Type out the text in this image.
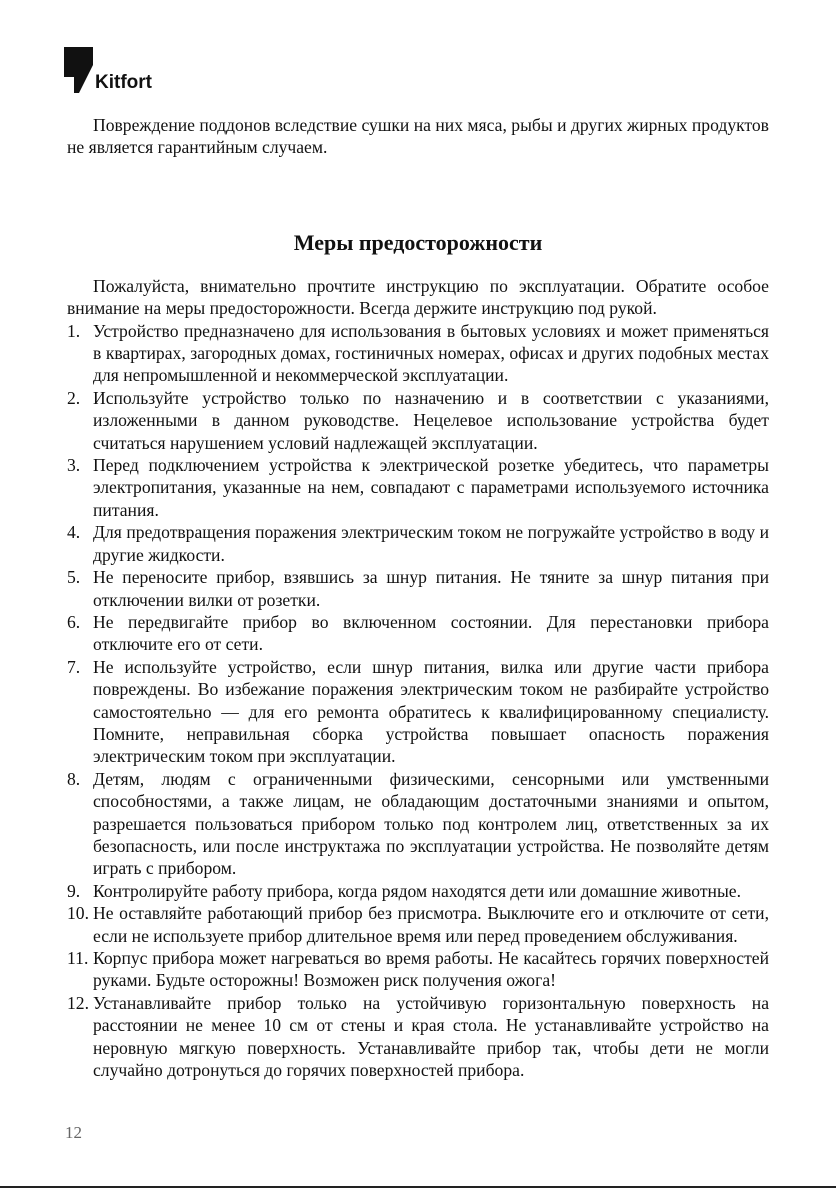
Kitfort

Повреждение поддонов вследствие сушки на них мяса, рыбы и других жирных продуктов не является гарантийным случаем.

Меры предосторожности

Пожалуйста, внимательно прочтите инструкцию по эксплуатации. Обратите особое внимание на меры предосторожности. Всегда держите инструкцию под рукой.

1. Устройство предназначено для использования в бытовых условиях и может применяться в квартирах, загородных домах, гостиничных номерах, офисах и других подобных местах для непромышленной и некоммерческой эксплуатации.
2. Используйте устройство только по назначению и в соответствии с указаниями, изложенными в данном руководстве. Нецелевое использование устройства будет считаться нарушением условий надлежащей эксплуатации.
3. Перед подключением устройства к электрической розетке убедитесь, что параметры электропитания, указанные на нем, совпадают с параметрами используемого источника питания.
4. Для предотвращения поражения электрическим током не погружайте устройство в воду и другие жидкости.
5. Не переносите прибор, взявшись за шнур питания. Не тяните за шнур питания при отключении вилки от розетки.
6. Не передвигайте прибор во включенном состоянии. Для перестановки прибора отключите его от сети.
7. Не используйте устройство, если шнур питания, вилка или другие части прибора повреждены. Во избежание поражения электрическим током не разбирайте устройство самостоятельно — для его ремонта обратитесь к квалифицированному специалисту. Помните, неправильная сборка устройства повышает опасность поражения электрическим током при эксплуатации.
8. Детям, людям с ограниченными физическими, сенсорными или умственными способностями, а также лицам, не обладающим достаточными знаниями и опытом, разрешается пользоваться прибором только под контролем лиц, ответственных за их безопасность, или после инструктажа по эксплуатации устройства. Не позволяйте детям играть с прибором.
9. Контролируйте работу прибора, когда рядом находятся дети или домашние животные.
10. Не оставляйте работающий прибор без присмотра. Выключите его и отключите от сети, если не используете прибор длительное время или перед проведением обслуживания.
11. Корпус прибора может нагреваться во время работы. Не касайтесь горячих поверхностей руками. Будьте осторожны! Возможен риск получения ожога!
12. Устанавливайте прибор только на устойчивую горизонтальную поверхность на расстоянии не менее 10 см от стены и края стола. Не устанавливайте устройство на неровную мягкую поверхность. Устанавливайте прибор так, чтобы дети не могли случайно дотронуться до горячих поверхностей прибора.
12
